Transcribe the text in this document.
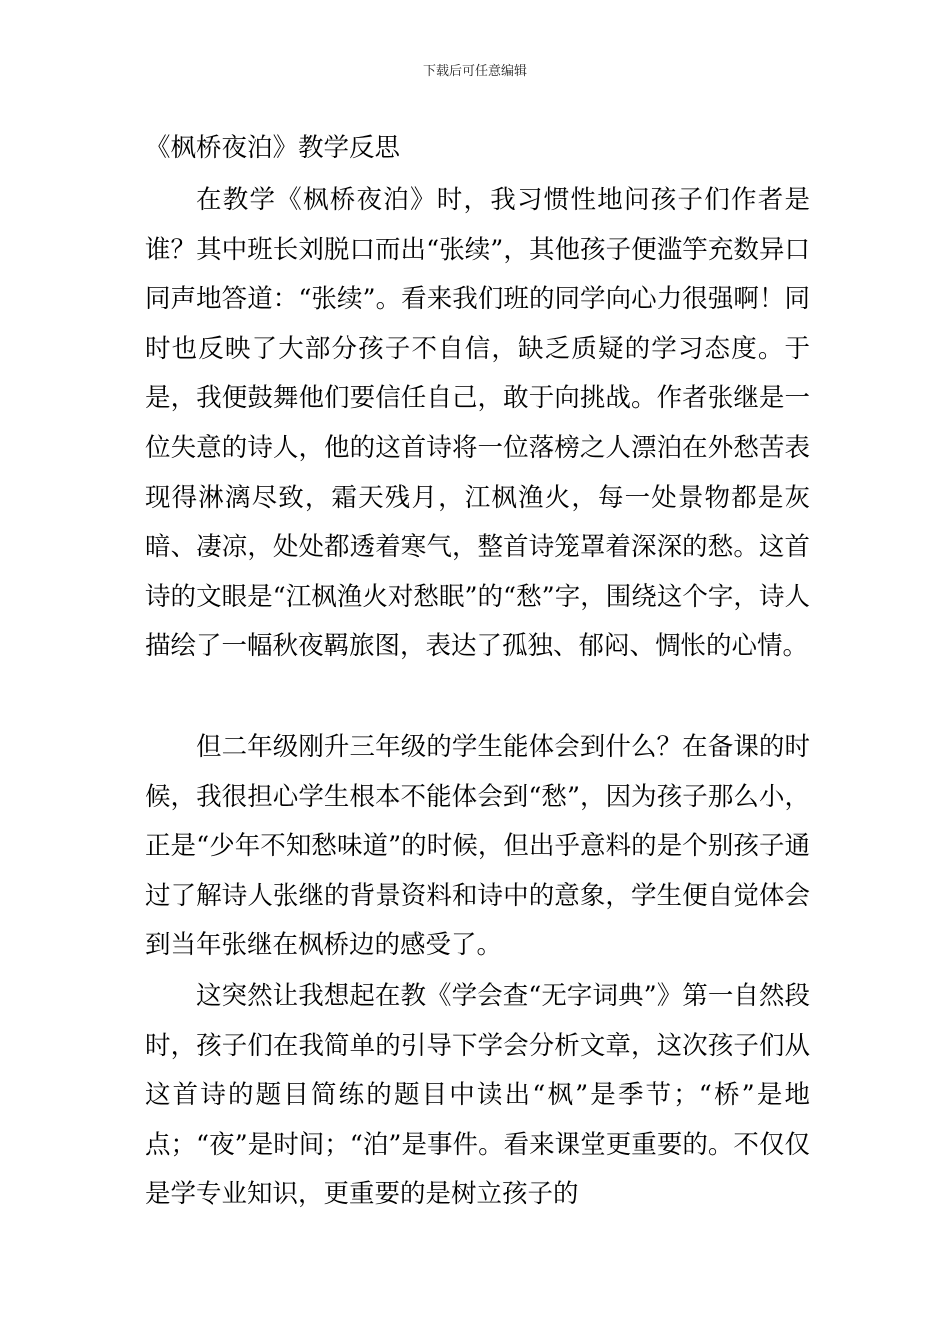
下载后可任意编辑
《枫桥夜泊》教学反思

在教学《枫桥夜泊》时，我习惯性地问孩子们作者是谁？其中班长刘脱口而出“张续”，其他孩子便滥竽充数异口同声地答道：“张续”。看来我们班的同学向心力很强啊！同时也反映了大部分孩子不自信，缺乏质疑的学习态度。于是，我便鼓舞他们要信任自己，敢于向挑战。作者张继是一位失意的诗人，他的这首诗将一位落榜之人漂泊在外愁苦表现得淋漓尽致，霜天残月，江枫渔火，每一处景物都是灰暗、凄凉，处处都透着寒气，整首诗笼罩着深深的愁。这首诗的文眼是“江枫渔火对愁眠”的“愁”字，围绕这个字，诗人描绘了一幅秋夜羁旅图，表达了孤独、郁闷、惆怅的心情。

但二年级刚升三年级的学生能体会到什么？在备课的时候，我很担心学生根本不能体会到“愁”，因为孩子那么小，正是“少年不知愁味道”的时候，但出乎意料的是个别孩子通过了解诗人张继的背景资料和诗中的意象，学生便自觉体会到当年张继在枫桥边的感受了。

这突然让我想起在教《学会查“无字词典”》第一自然段时，孩子们在我简单的引导下学会分析文章，这次孩子们从这首诗的题目简练的题目中读出“枫”是季节；“桥”是地点；“夜”是时间；“泊”是事件。看来课堂更重要的。不仅仅是学专业知识，更重要的是树立孩子的
